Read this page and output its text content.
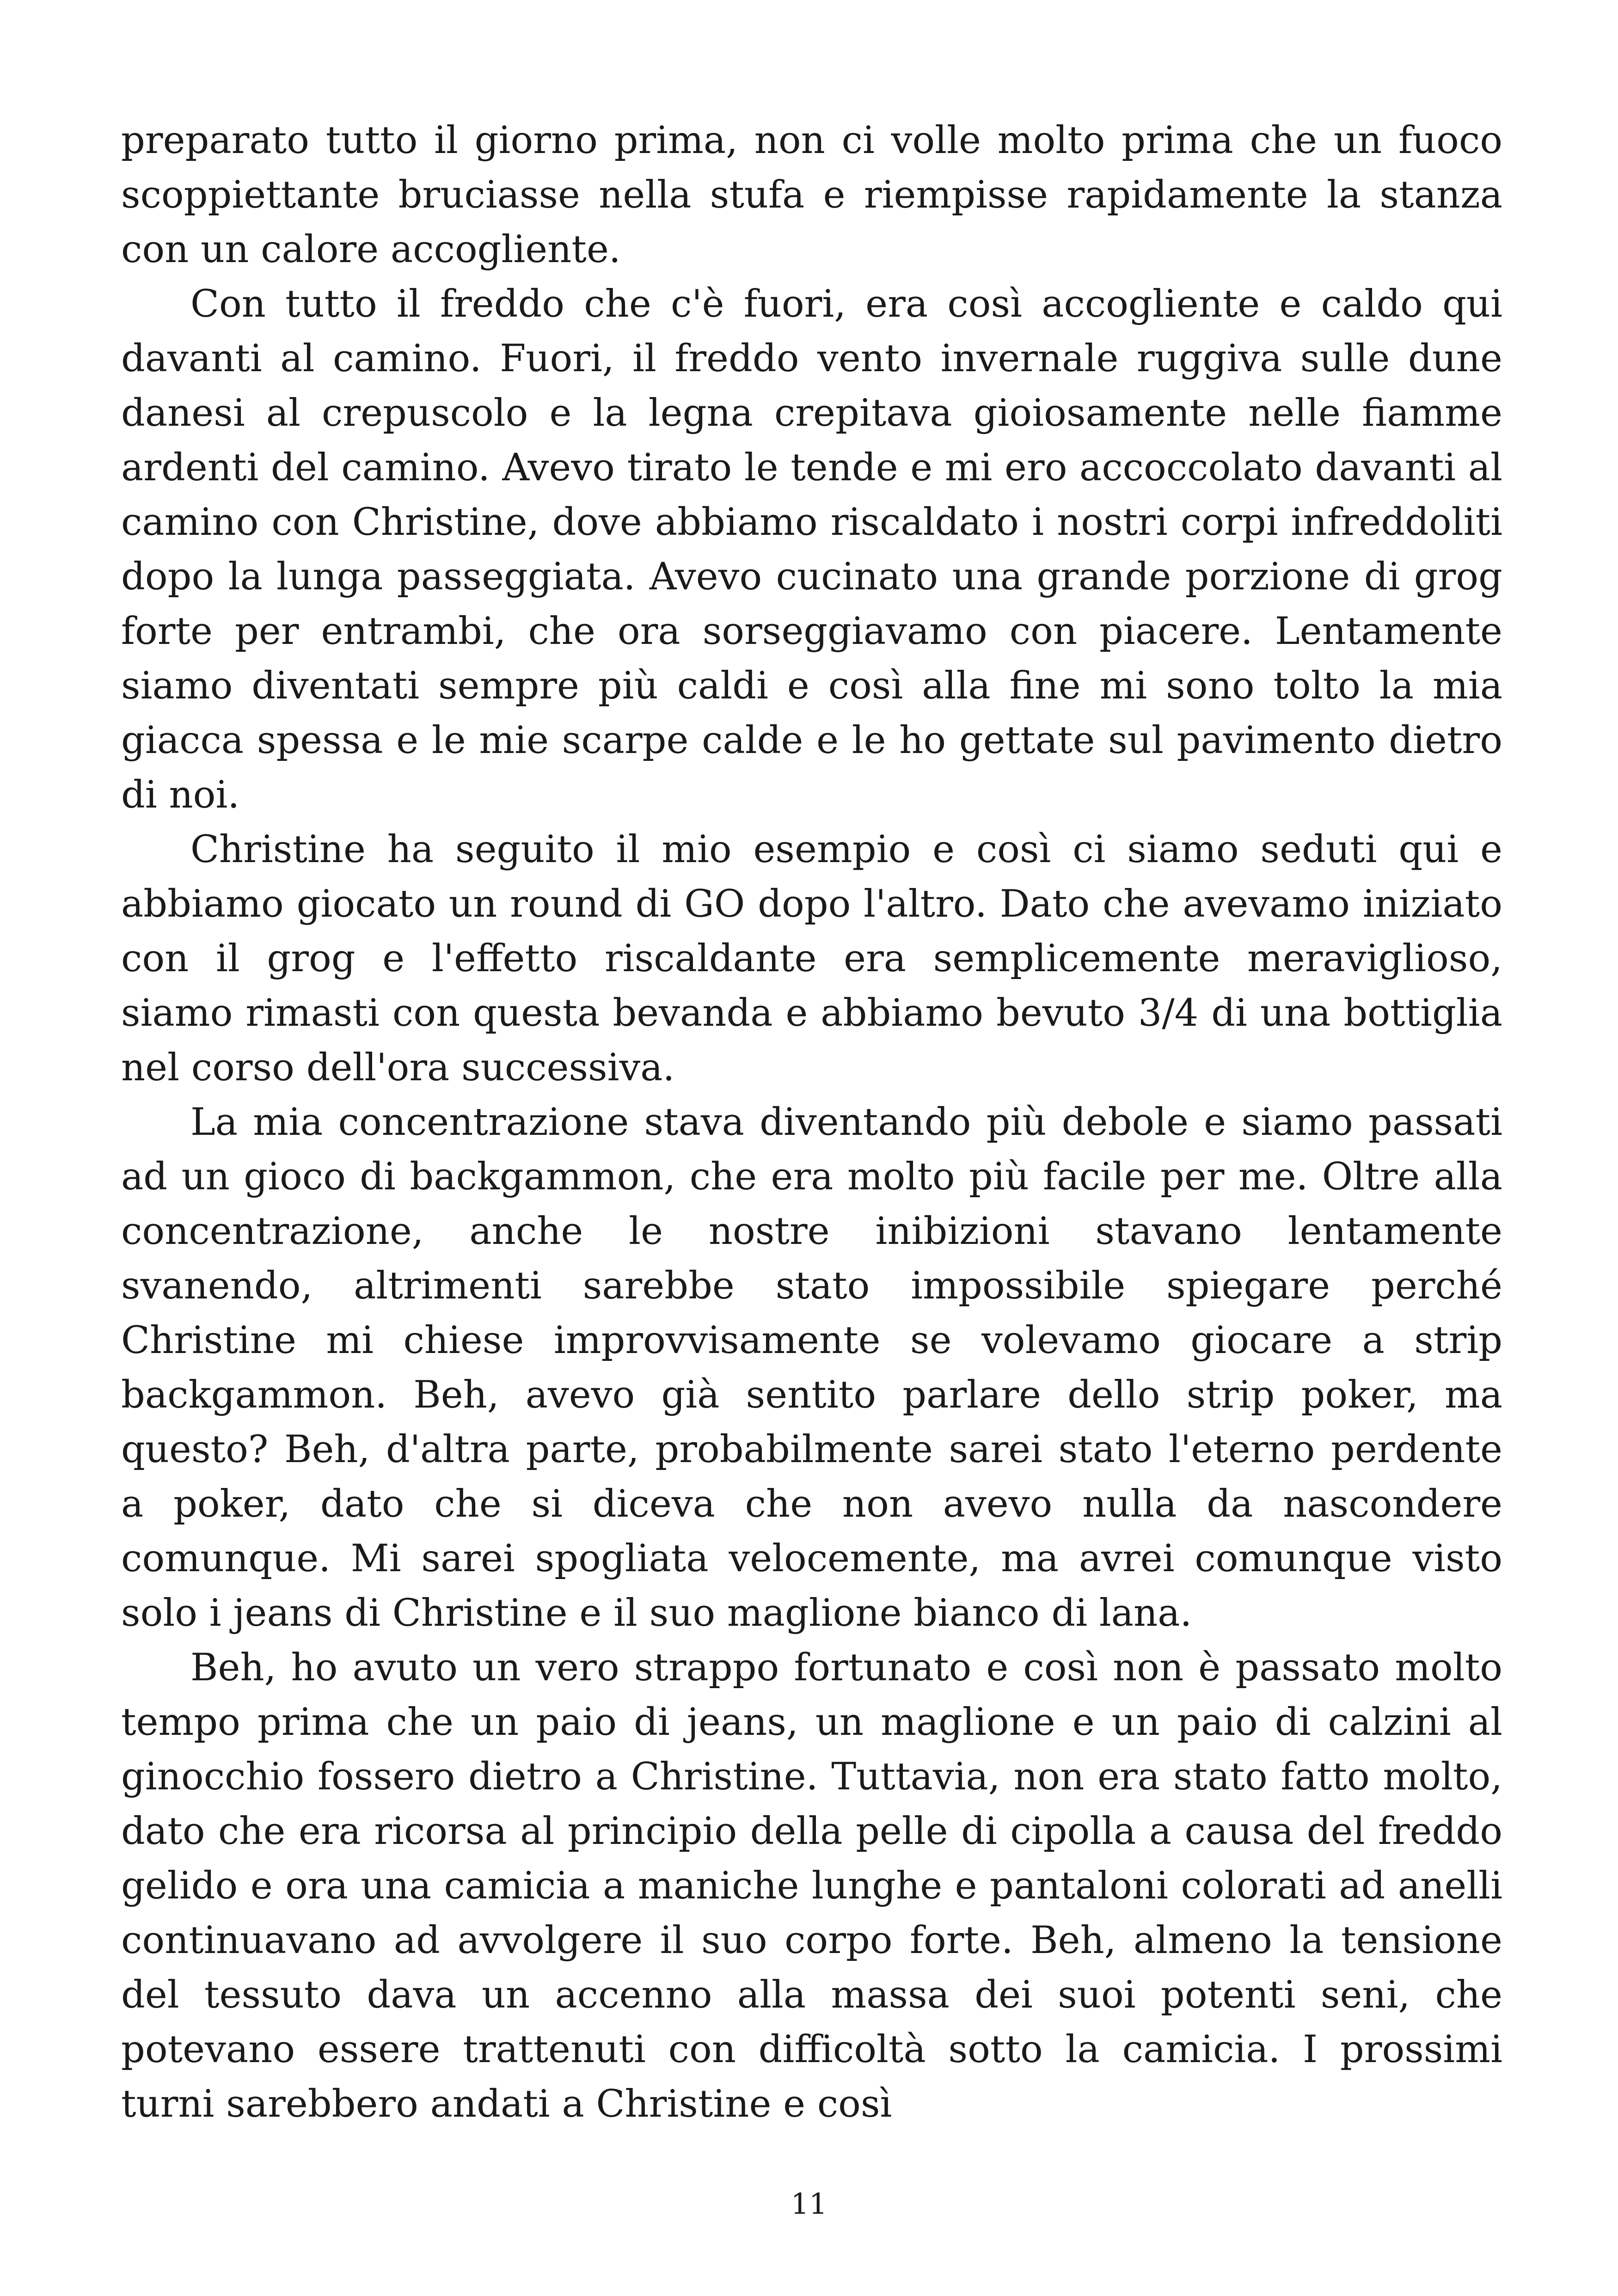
preparato tutto il giorno prima, non ci volle molto prima che un fuoco scoppiettante bruciasse nella stufa e riempisse rapidamente la stanza con un calore accogliente.

Con tutto il freddo che c'è fuori, era così accogliente e caldo qui davanti al camino. Fuori, il freddo vento invernale ruggiva sulle dune danesi al crepuscolo e la legna crepitava gioiosamente nelle fiamme ardenti del camino. Avevo tirato le tende e mi ero accoccolato davanti al camino con Christine, dove abbiamo riscaldato i nostri corpi infreddoliti dopo la lunga passeggiata. Avevo cucinato una grande porzione di grog forte per entrambi, che ora sorseggiavamo con piacere. Lentamente siamo diventati sempre più caldi e così alla fine mi sono tolto la mia giacca spessa e le mie scarpe calde e le ho gettate sul pavimento dietro di noi.

Christine ha seguito il mio esempio e così ci siamo seduti qui e abbiamo giocato un round di GO dopo l'altro. Dato che avevamo iniziato con il grog e l'effetto riscaldante era semplicemente meraviglioso, siamo rimasti con questa bevanda e abbiamo bevuto 3/4 di una bottiglia nel corso dell'ora successiva.

La mia concentrazione stava diventando più debole e siamo passati ad un gioco di backgammon, che era molto più facile per me. Oltre alla concentrazione, anche le nostre inibizioni stavano lentamente svanendo, altrimenti sarebbe stato impossibile spiegare perché Christine mi chiese improvvisamente se volevamo giocare a strip backgammon. Beh, avevo già sentito parlare dello strip poker, ma questo? Beh, d'altra parte, probabilmente sarei stato l'eterno perdente a poker, dato che si diceva che non avevo nulla da nascondere comunque. Mi sarei spogliata velocemente, ma avrei comunque visto solo i jeans di Christine e il suo maglione bianco di lana.

Beh, ho avuto un vero strappo fortunato e così non è passato molto tempo prima che un paio di jeans, un maglione e un paio di calzini al ginocchio fossero dietro a Christine. Tuttavia, non era stato fatto molto, dato che era ricorsa al principio della pelle di cipolla a causa del freddo gelido e ora una camicia a maniche lunghe e pantaloni colorati ad anelli continuavano ad avvolgere il suo corpo forte. Beh, almeno la tensione del tessuto dava un accenno alla massa dei suoi potenti seni, che potevano essere trattenuti con difficoltà sotto la camicia. I prossimi turni sarebbero andati a Christine e così

11
